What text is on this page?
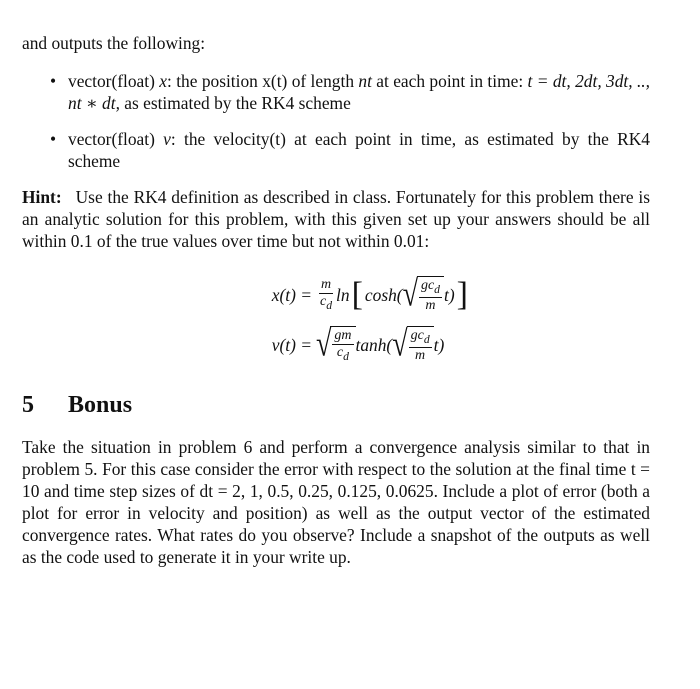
and outputs the following:

• vector(float) x: the position x(t) of length nt at each point in time: t = dt, 2dt, 3dt, .., nt ∗ dt, as estimated by the RK4 scheme
• vector(float) v: the velocity(t) at each point in time, as estimated by the RK4 scheme

Hint: Use the RK4 definition as described in class. Fortunately for this problem there is an analytic solution for this problem, with this given set up your answers should be all within 0.1 of the true values over time but not within 0.01:

$x(t) = \frac{m}{c_d}$ ln [ cosh( √ $\frac{gc_d}{m} t$) ]
v(t) = √ $\frac{gm}{c_d} \tanh$( √ $\frac{gc_d}{m} t$)
5	Bonus

Take the situation in problem 6 and perform a convergence analysis similar to that in problem 5. For this case consider the error with respect to the solution at the final time t = 10 and time step sizes of dt = 2, 1, 0.5, 0.25, 0.125, 0.0625. Include a plot of error (both a plot for error in velocity and position) as well as the output vector of the estimated convergence rates. What rates do you observe? Include a snapshot of the outputs as well as the code used to generate it in your write up.
